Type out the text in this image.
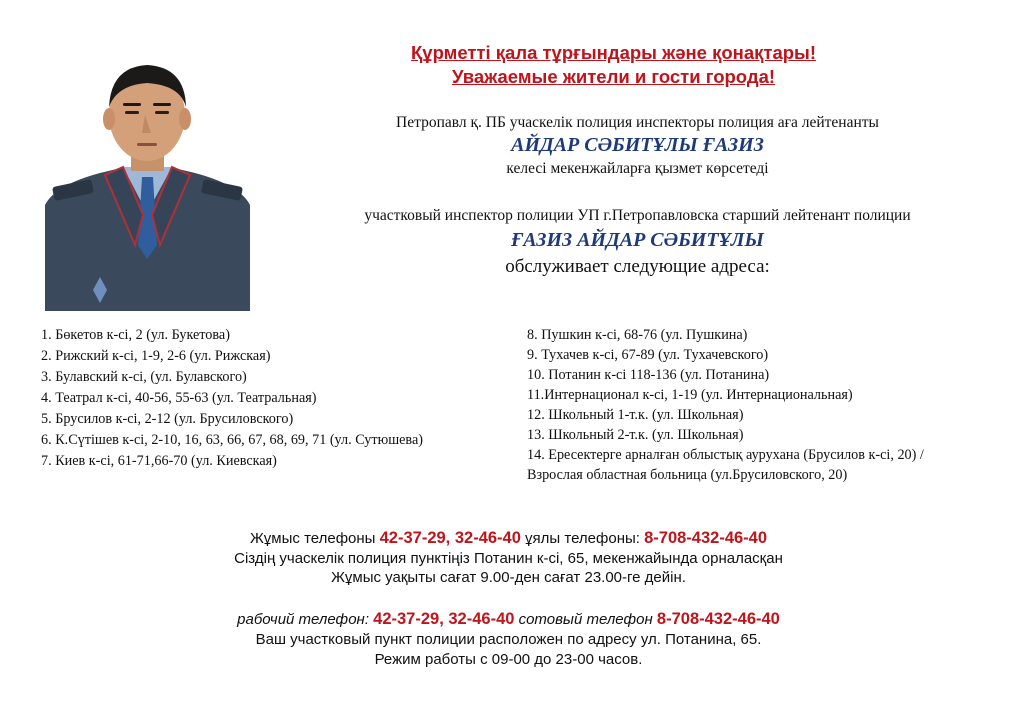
Құрметті қала тұрғындары және қонақтары!
Уважаемые жители и гости города!
Петропавл қ. ПБ учаскелік полиция инспекторы полиция аға лейтенанты
АЙДАР СӘБИТҰЛЫ ҒАЗИЗ
келесі мекенжайларға қызмет көрсетеді
участковый инспектор полиции УП г.Петропавловска старший лейтенант полиции
ҒАЗИЗ АЙДАР СӘБИТҰЛЫ
обслуживает следующие адреса:
1. Бөкетов к-сі, 2 (ул. Букетова)
2. Рижский к-сі, 1-9, 2-6 (ул. Рижская)
3. Булавский к-сі, (ул. Булавского)
4. Театрал к-сі, 40-56, 55-63 (ул. Театральная)
5. Брусилов к-сі, 2-12 (ул. Брусиловского)
6. К.Сүтішев к-сі, 2-10, 16, 63, 66, 67, 68, 69, 71 (ул. Сутюшева)
7. Киев к-сі, 61-71,66-70 (ул. Киевская)
8. Пушкин к-сі, 68-76 (ул. Пушкина)
9. Тухачев к-сі, 67-89 (ул. Тухачевского)
10. Потанин к-сі 118-136 (ул. Потанина)
11.Интернационал к-сі, 1-19 (ул. Интернациональная)
12. Школьный 1-т.к. (ул. Школьная)
13. Школьный 2-т.к. (ул. Школьная)
14. Ересектерге арналған облыстық аурухана (Брусилов к-сі, 20) / Взрослая областная больница (ул.Брусиловского, 20)
Жұмыс телефоны 42-37-29, 32-46-40 ұялы телефоны: 8-708-432-46-40
Сіздің учаскелік полиция пунктіңіз Потанин к-сі, 65, мекенжайында орналасқан
Жұмыс уақыты сағат 9.00-ден сағат 23.00-ге дейін.
рабочий телефон: 42-37-29, 32-46-40 сотовый телефон 8-708-432-46-40
Ваш участковый пункт полиции расположен по адресу ул. Потанина, 65.
Режим работы с 09-00 до 23-00 часов.
